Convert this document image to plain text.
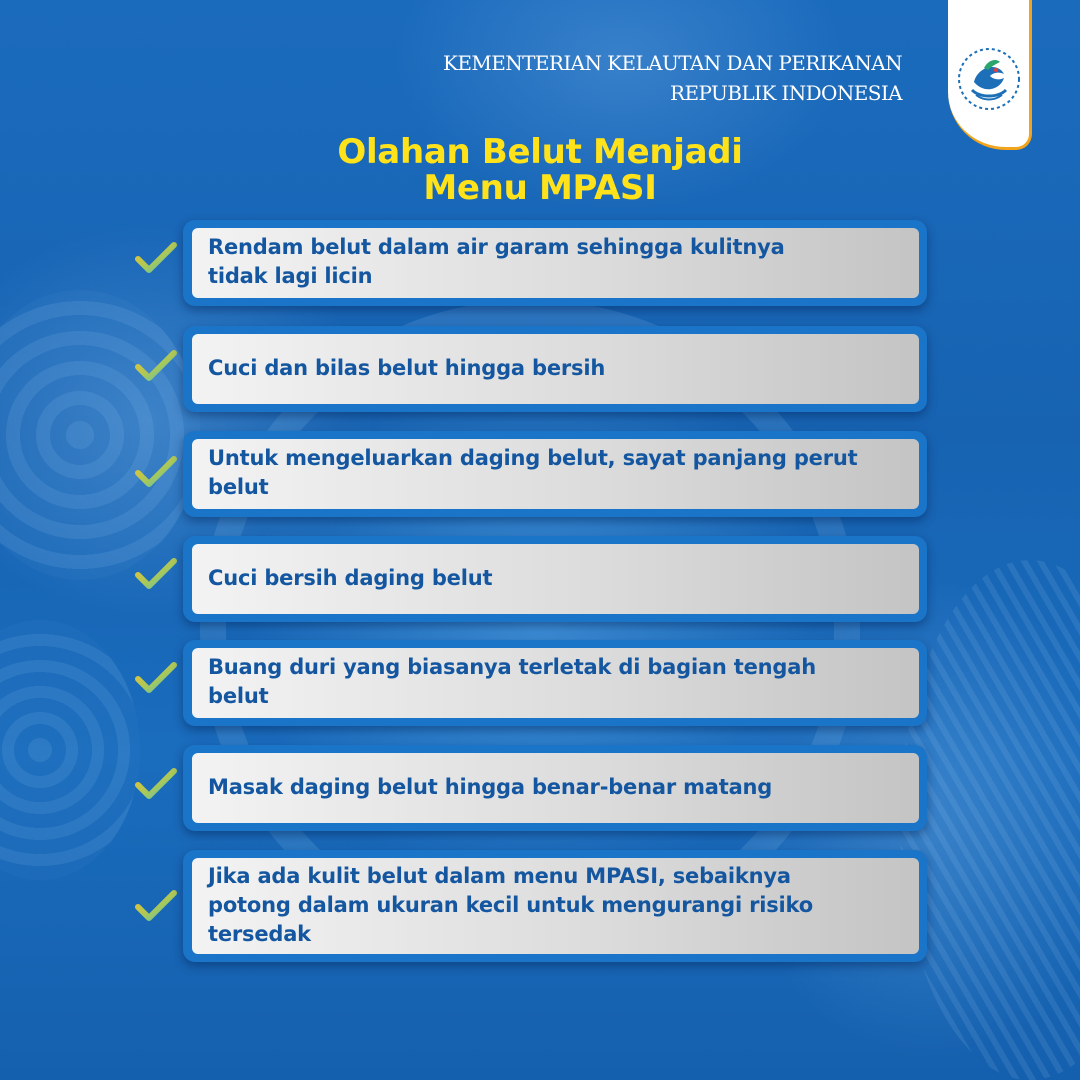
KEMENTERIAN KELAUTAN DAN PERIKANAN
REPUBLIK INDONESIA
Olahan Belut Menjadi
Menu MPASI
Rendam belut dalam air garam sehingga kulitnya
tidak lagi licin
Cuci dan bilas belut hingga bersih
Untuk mengeluarkan daging belut, sayat panjang perut
belut
Cuci bersih daging belut
Buang duri yang biasanya terletak di bagian tengah
belut
Masak daging belut hingga benar-benar matang
Jika ada kulit belut dalam menu MPASI, sebaiknya
potong dalam ukuran kecil untuk mengurangi risiko
tersedak
